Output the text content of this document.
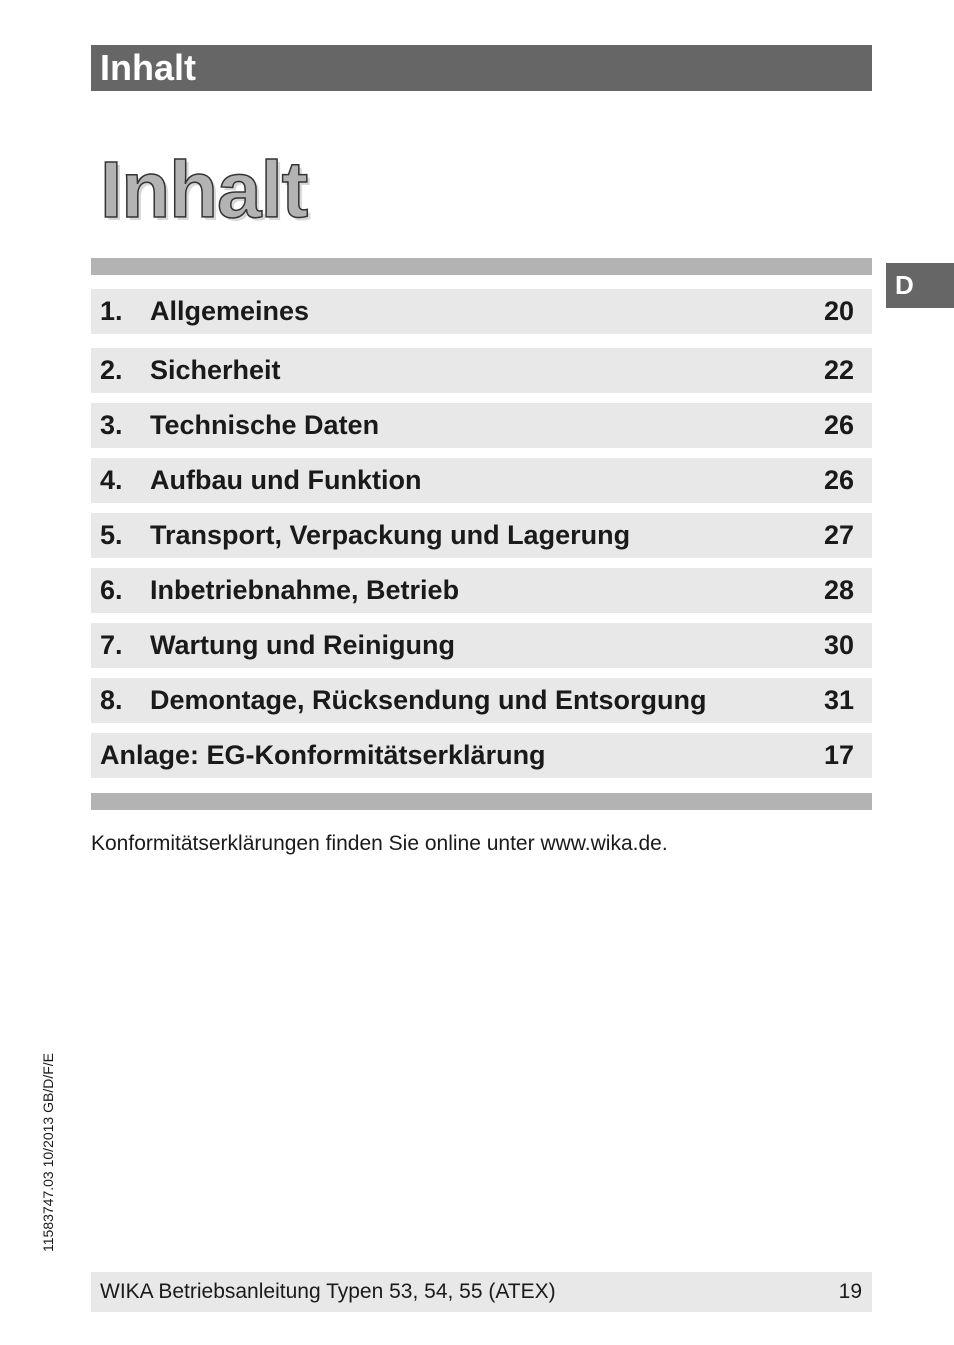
Inhalt
Inhalt
D
1. Allgemeines	20
2. Sicherheit	22
3. Technische Daten	26
4. Aufbau und Funktion	26
5. Transport, Verpackung und Lagerung	27
6. Inbetriebnahme, Betrieb	28
7. Wartung und Reinigung	30
8. Demontage, Rücksendung und Entsorgung	31
Anlage: EG-Konformitätserklärung	17
Konformitätserklärungen finden Sie online unter www.wika.de.
11583747.03 10/2013 GB/D/F/E
WIKA Betriebsanleitung Typen 53, 54, 55 (ATEX)	19
